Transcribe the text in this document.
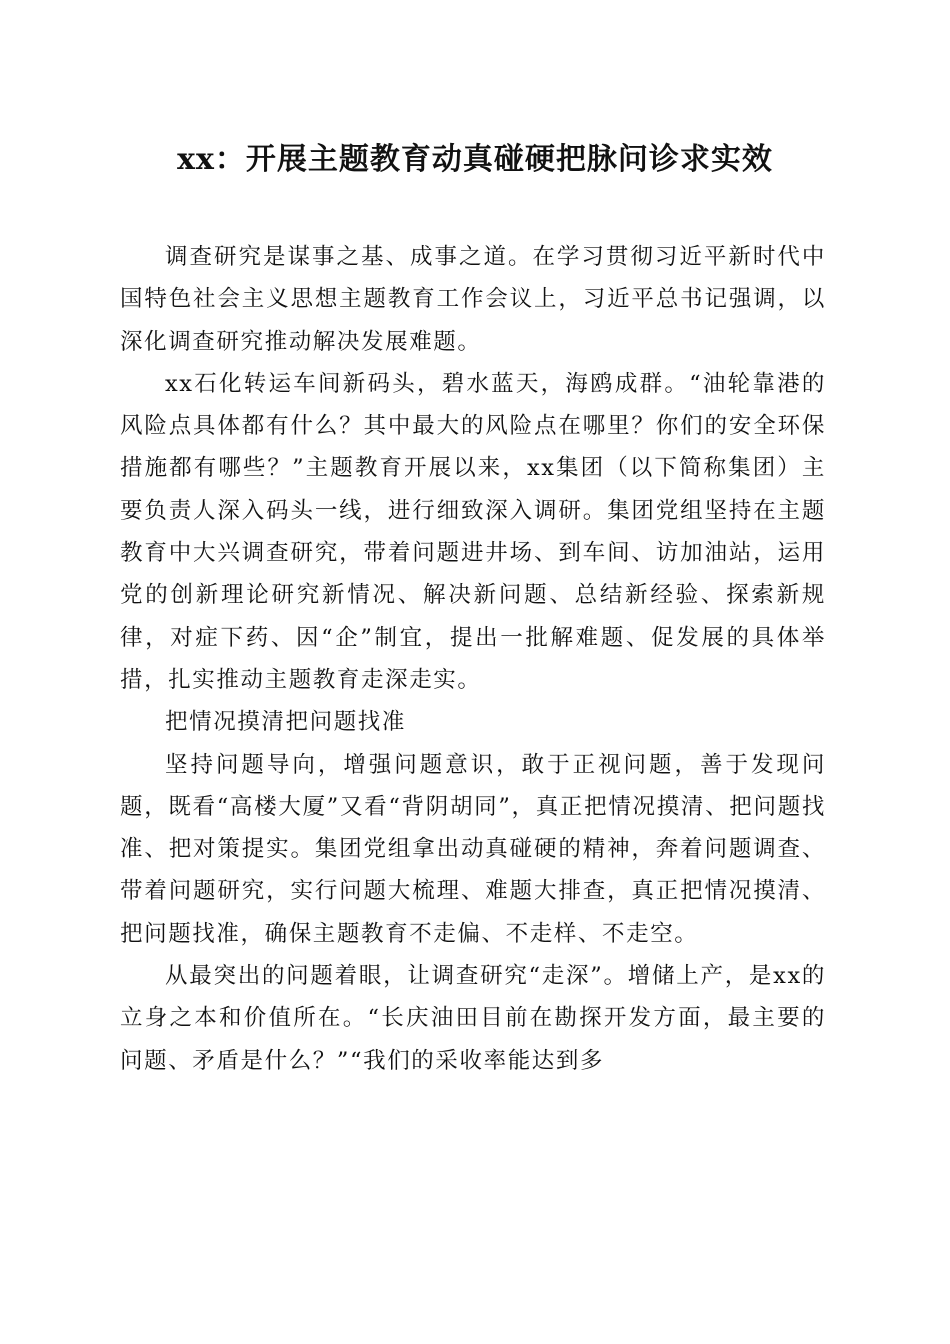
xx：开展主题教育动真碰硬把脉问诊求实效

调查研究是谋事之基、成事之道。在学习贯彻习近平新时代中国特色社会主义思想主题教育工作会议上，习近平总书记强调，以深化调查研究推动解决发展难题。

xx石化转运车间新码头，碧水蓝天，海鸥成群。“油轮靠港的风险点具体都有什么？其中最大的风险点在哪里？你们的安全环保措施都有哪些？”主题教育开展以来，xx集团（以下简称集团）主要负责人深入码头一线，进行细致深入调研。集团党组坚持在主题教育中大兴调查研究，带着问题进井场、到车间、访加油站，运用党的创新理论研究新情况、解决新问题、总结新经验、探索新规律，对症下药、因“企”制宜，提出一批解难题、促发展的具体举措，扎实推动主题教育走深走实。

把情况摸清把问题找准

坚持问题导向，增强问题意识，敢于正视问题，善于发现问题，既看“高楼大厦”又看“背阴胡同”，真正把情况摸清、把问题找准、把对策提实。集团党组拿出动真碰硬的精神，奔着问题调查、带着问题研究，实行问题大梳理、难题大排查，真正把情况摸清、把问题找准，确保主题教育不走偏、不走样、不走空。

从最突出的问题着眼，让调查研究“走深”。增储上产，是xx的立身之本和价值所在。“长庆油田目前在勘探开发方面，最主要的问题、矛盾是什么？”“我们的采收率能达到多
